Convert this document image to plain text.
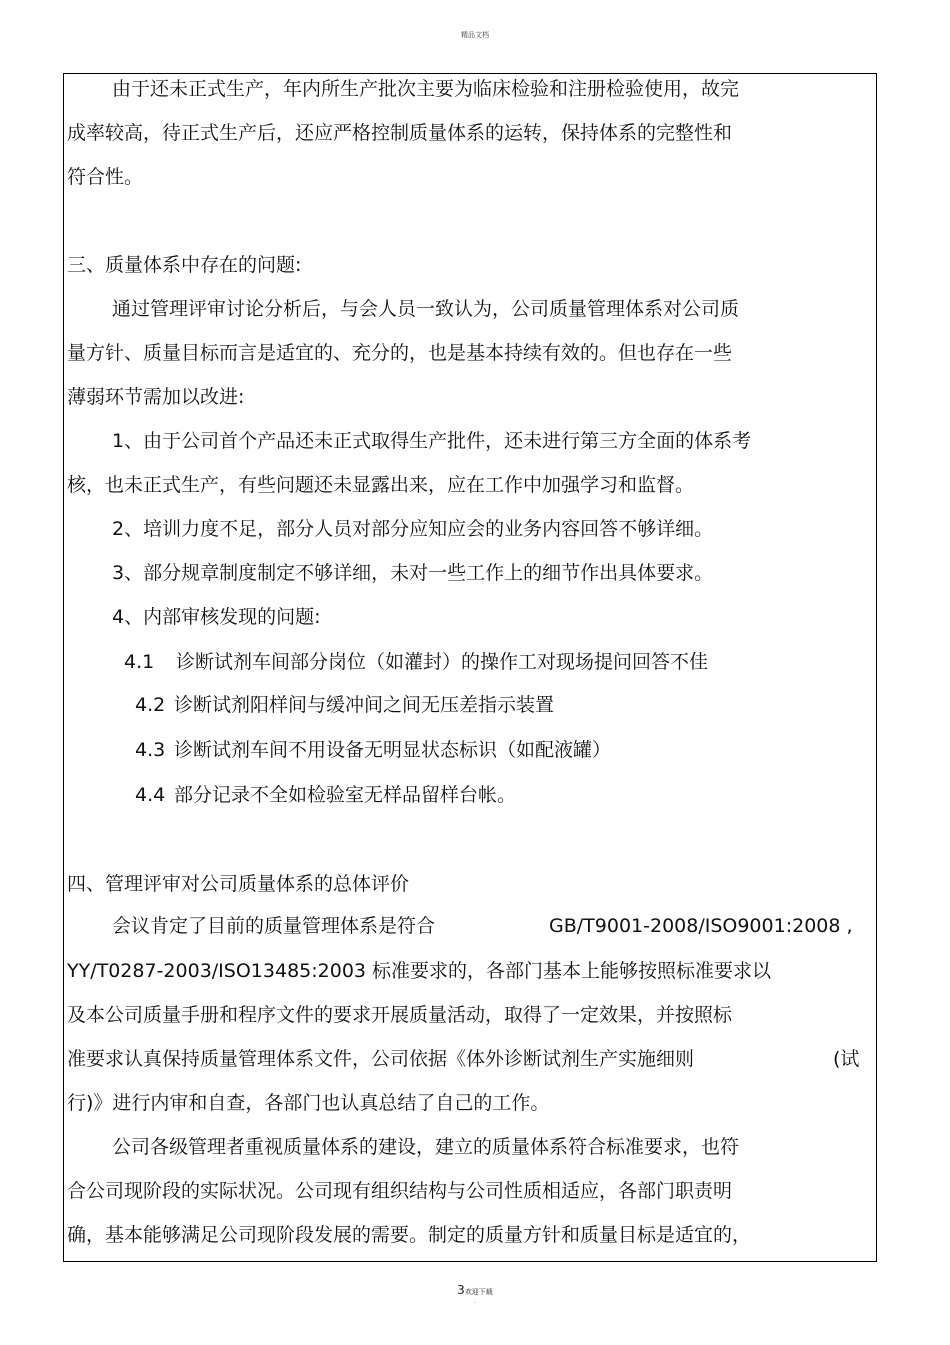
精品文档
由于还未正式生产，年内所生产批次主要为临床检验和注册检验使用，故完
成率较高，待正式生产后，还应严格控制质量体系的运转，保持体系的完整性和
符合性。
三、质量体系中存在的问题:
通过管理评审讨论分析后，与会人员一致认为，公司质量管理体系对公司质
量方针、质量目标而言是适宜的、充分的，也是基本持续有效的。但也存在一些
薄弱环节需加以改进:
1、由于公司首个产品还未正式取得生产批件，还未进行第三方全面的体系考
核，也未正式生产，有些问题还未显露出来，应在工作中加强学习和监督。
2、培训力度不足，部分人员对部分应知应会的业务内容回答不够详细。
3、部分规章制度制定不够详细，未对一些工作上的细节作出具体要求。
4、内部审核发现的问题:
4.1 诊断试剂车间部分岗位（如灌封）的操作工对现场提问回答不佳
4.2 诊断试剂阳样间与缓冲间之间无压差指示装置
4.3 诊断试剂车间不用设备无明显状态标识（如配液罐）
4.4 部分记录不全如检验室无样品留样台帐。
四、管理评审对公司质量体系的总体评价
会议肯定了目前的质量管理体系是符合	GB/T9001-2008/ISO9001:2008 ,
YY/T0287-2003/ISO13485:2003 标准要求的，各部门基本上能够按照标准要求以
及本公司质量手册和程序文件的要求开展质量活动，取得了一定效果，并按照标
准要求认真保持质量管理体系文件，公司依据《体外诊断试剂生产实施细则	(试
行)》进行内审和自查，各部门也认真总结了自己的工作。
公司各级管理者重视质量体系的建设，建立的质量体系符合标准要求，也符
合公司现阶段的实际状况。公司现有组织结构与公司性质相适应，各部门职责明
确，基本能够满足公司现阶段发展的需要。制定的质量方针和质量目标是适宜的，
3欢迎下载
.
